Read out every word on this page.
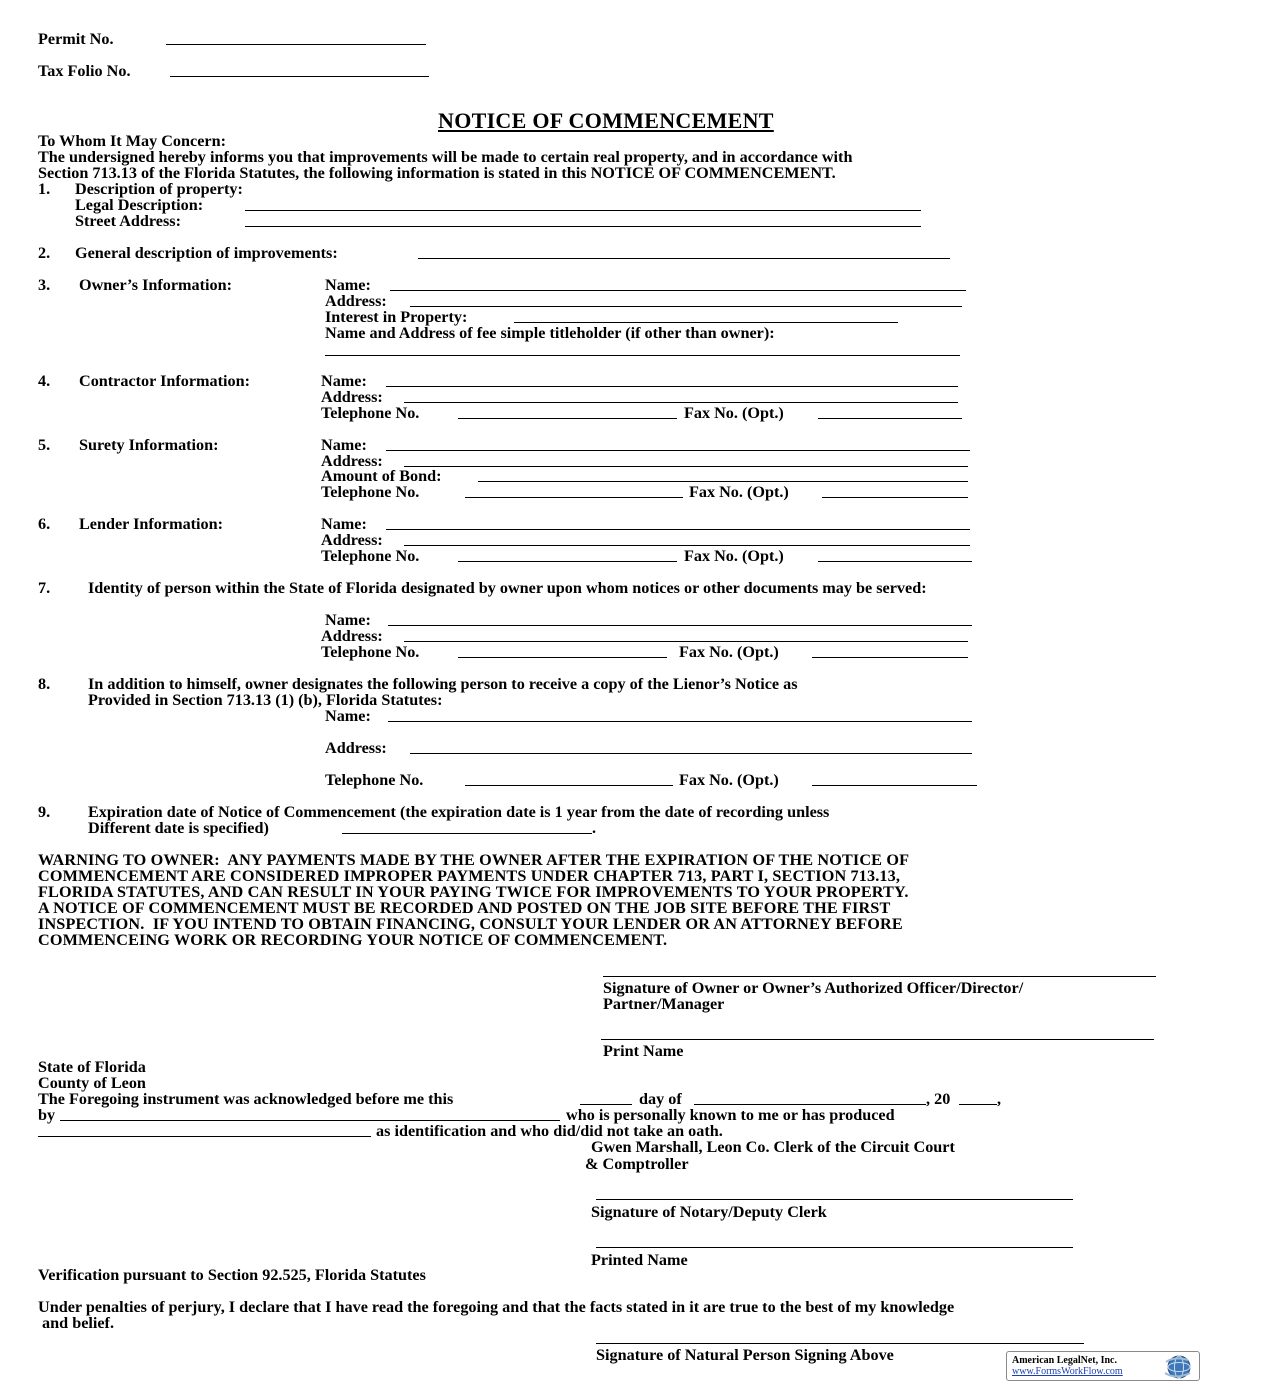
Permit No.
Tax Folio No.
NOTICE OF COMMENCEMENT
To Whom It May Concern:
The undersigned hereby informs you that improvements will be made to certain real property, and in accordance with
Section 713.13 of the Florida Statutes, the following information is stated in this NOTICE OF COMMENCEMENT.
1. Description of property:
Legal Description:
Street Address:
2. General description of improvements:
3. Owner’s Information:	Name:
Address:
Interest in Property:
Name and Address of fee simple titleholder (if other than owner):
4. Contractor Information:	Name:
Address:
Telephone No.	Fax No. (Opt.)
5. Surety Information:	Name:
Address:
Amount of Bond:
Telephone No.	Fax No. (Opt.)
6. Lender Information:	Name:
Address:
Telephone No.	Fax No. (Opt.)
7. Identity of person within the State of Florida designated by owner upon whom notices or other documents may be served:
Name:
Address:
Telephone No.	Fax No. (Opt.)
8. In addition to himself, owner designates the following person to receive a copy of the Lienor’s Notice as
Provided in Section 713.13 (1) (b), Florida Statutes:
Name:
Address:
Telephone No.	Fax No. (Opt.)
9. Expiration date of Notice of Commencement (the expiration date is 1 year from the date of recording unless
Different date is specified)	.
WARNING TO OWNER:  ANY PAYMENTS MADE BY THE OWNER AFTER THE EXPIRATION OF THE NOTICE OF
COMMENCEMENT ARE CONSIDERED IMPROPER PAYMENTS UNDER CHAPTER 713, PART I, SECTION 713.13,
FLORIDA STATUTES, AND CAN RESULT IN YOUR PAYING TWICE FOR IMPROVEMENTS TO YOUR PROPERTY.
A NOTICE OF COMMENCEMENT MUST BE RECORDED AND POSTED ON THE JOB SITE BEFORE THE FIRST
INSPECTION.  IF YOU INTEND TO OBTAIN FINANCING, CONSULT YOUR LENDER OR AN ATTORNEY BEFORE
COMMENCEING WORK OR RECORDING YOUR NOTICE OF COMMENCEMENT.
Signature of Owner or Owner’s Authorized Officer/Director/
Partner/Manager
Print Name
State of Florida
County of Leon
The Foregoing instrument was acknowledged before me this	day of	, 20	,
by	who is personally known to me or has produced
as identification and who did/did not take an oath.
Gwen Marshall, Leon Co. Clerk of the Circuit Court
& Comptroller
Signature of Notary/Deputy Clerk
Printed Name
Verification pursuant to Section 92.525, Florida Statutes
Under penalties of perjury, I declare that I have read the foregoing and that the facts stated in it are true to the best of my knowledge
and belief.
Signature of Natural Person Signing Above	American LegalNet, Inc.
www.FormsWorkFlow.com
